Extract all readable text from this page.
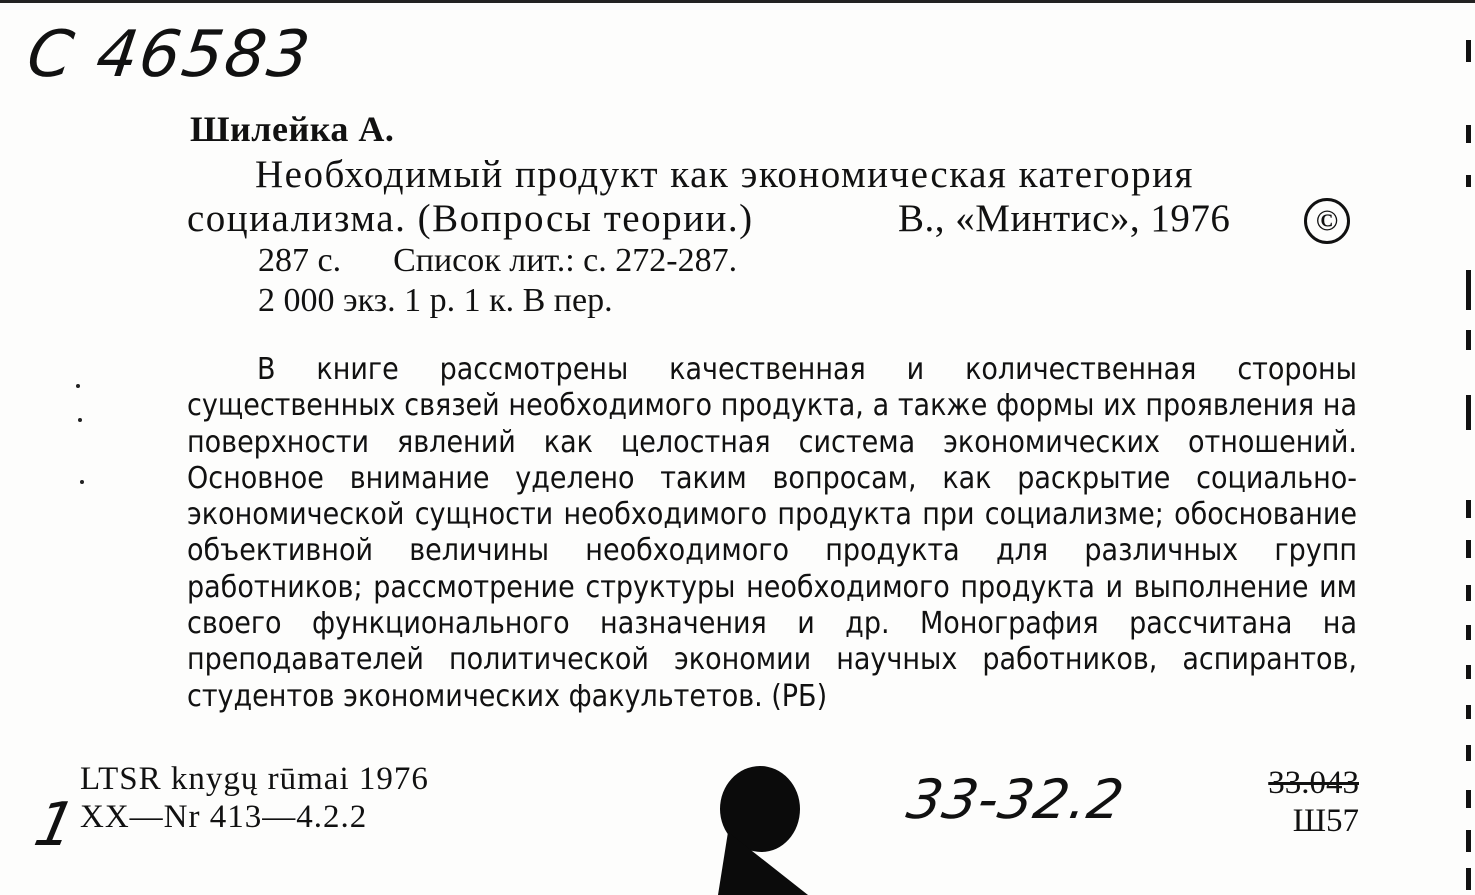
С 46583
Шилейка А.
Необходимый продукт как экономическая категория
социализма. (Вопросы теории.)	В., «Минтис», 1976	©
287 с. Список лит.: с. 272-287.
2 000 экз. 1 р. 1 к. В пер.

В книге рассмотрены качественная и количественная стороны существенных связей необходимого продукта, а также формы их проявления на поверхности явлений как целостная система экономических отношений. Основное внимание уделено таким вопросам, как раскрытие социально-экономической сущности необходимого продукта при социализме; обоснование объективной величины необходимого продукта для различных групп работников; рассмотрение структуры необходимого продукта и выполнение им своего функционального назначения и др. Монография рассчитана на преподавателей политической экономии научных работников, аспирантов, студентов экономических факультетов. (РБ)

LTSR knygų rūmai 1976
XX—Nr 413—4.2.2
1	33-32.2	33.043
Ш57
